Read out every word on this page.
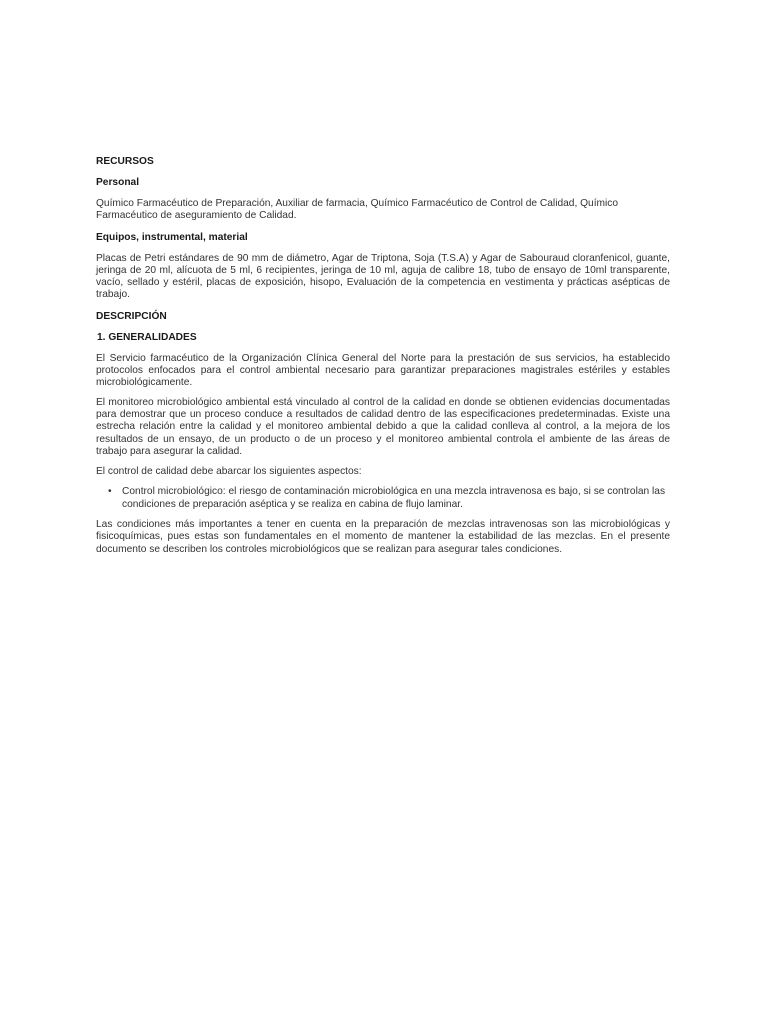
RECURSOS

Personal

Químico Farmacéutico de Preparación, Auxiliar de farmacia, Químico Farmacéutico de Control de Calidad, Químico Farmacéutico de aseguramiento de Calidad.

Equipos, instrumental, material

Placas de Petri estándares de 90 mm de diámetro, Agar de Triptona, Soja (T.S.A) y Agar de Sabouraud cloranfenicol, guante, jeringa de 20 ml, alícuota de 5 ml, 6 recipientes, jeringa de 10 ml, aguja de calibre 18, tubo de ensayo de 10ml transparente, vacío, sellado y estéril, placas de exposición, hisopo, Evaluación de la competencia en vestimenta y prácticas asépticas de trabajo.

DESCRIPCIÓN

1. GENERALIDADES

El Servicio farmacéutico de la Organización Clínica General del Norte para la prestación de sus servicios, ha establecido protocolos enfocados para el control ambiental necesario para garantizar preparaciones magistrales estériles y estables microbiológicamente.

El monitoreo microbiológico ambiental está vinculado al control de la calidad en donde se obtienen evidencias documentadas para demostrar que un proceso conduce a resultados de calidad dentro de las especificaciones predeterminadas. Existe una estrecha relación entre la calidad y el monitoreo ambiental debido a que la calidad conlleva al control, a la mejora de los resultados de un ensayo, de un producto o de un proceso y el monitoreo ambiental controla el ambiente de las áreas de trabajo para asegurar la calidad.

El control de calidad debe abarcar los siguientes aspectos:

• Control microbiológico: el riesgo de contaminación microbiológica en una mezcla intravenosa es bajo, si se controlan las condiciones de preparación aséptica y se realiza en cabina de flujo laminar.

Las condiciones más importantes a tener en cuenta en la preparación de mezclas intravenosas son las microbiológicas y fisicoquímicas, pues estas son fundamentales en el momento de mantener la estabilidad de las mezclas. En el presente documento se describen los controles microbiológicos que se realizan para asegurar tales condiciones.
